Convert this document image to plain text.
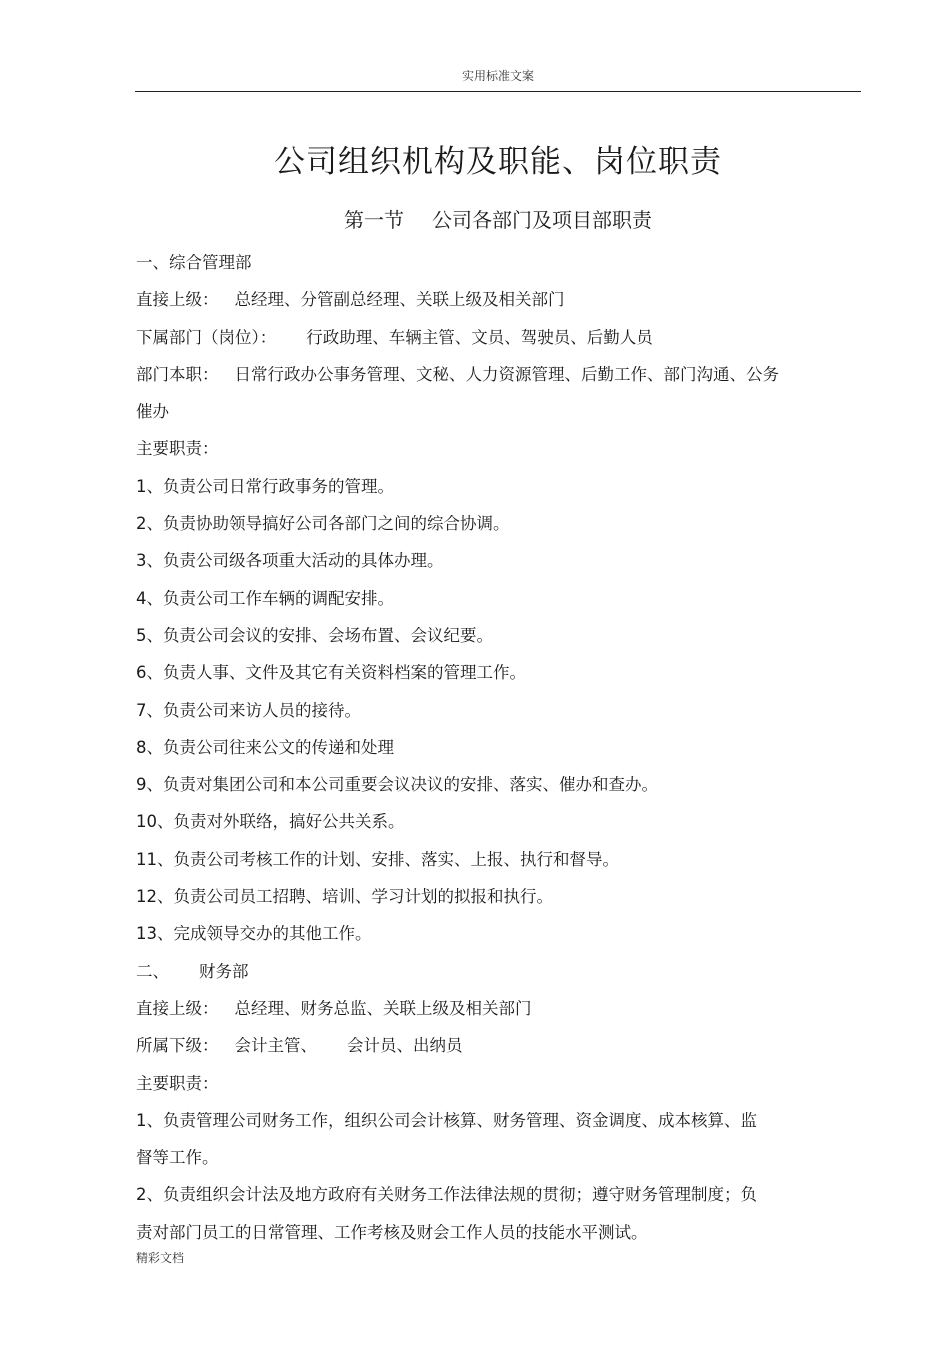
实用标准文案
公司组织机构及职能、岗位职责
第一节 公司各部门及项目部职责
一、综合管理部
直接上级： 总经理、分管副总经理、关联上级及相关部门
下属部门（岗位）： 行政助理、车辆主管、文员、驾驶员、后勤人员
部门本职： 日常行政办公事务管理、文秘、人力资源管理、后勤工作、部门沟通、公务
催办
主要职责：
1、负责公司日常行政事务的管理。
2、负责协助领导搞好公司各部门之间的综合协调。
3、负责公司级各项重大活动的具体办理。
4、负责公司工作车辆的调配安排。
5、负责公司会议的安排、会场布置、会议纪要。
6、负责人事、文件及其它有关资料档案的管理工作。
7、负责公司来访人员的接待。
8、负责公司往来公文的传递和处理
9、负责对集团公司和本公司重要会议决议的安排、落实、催办和查办。
10、负责对外联络，搞好公共关系。
11、负责公司考核工作的计划、安排、落实、上报、执行和督导。
12、负责公司员工招聘、培训、学习计划的拟报和执行。
13、完成领导交办的其他工作。
二、 财务部
直接上级： 总经理、财务总监、关联上级及相关部门
所属下级： 会计主管、 会计员、出纳员
主要职责：
1、负责管理公司财务工作，组织公司会计核算、财务管理、资金调度、成本核算、监
督等工作。
2、负责组织会计法及地方政府有关财务工作法律法规的贯彻；遵守财务管理制度；负
责对部门员工的日常管理、工作考核及财会工作人员的技能水平测试。
精彩文档
